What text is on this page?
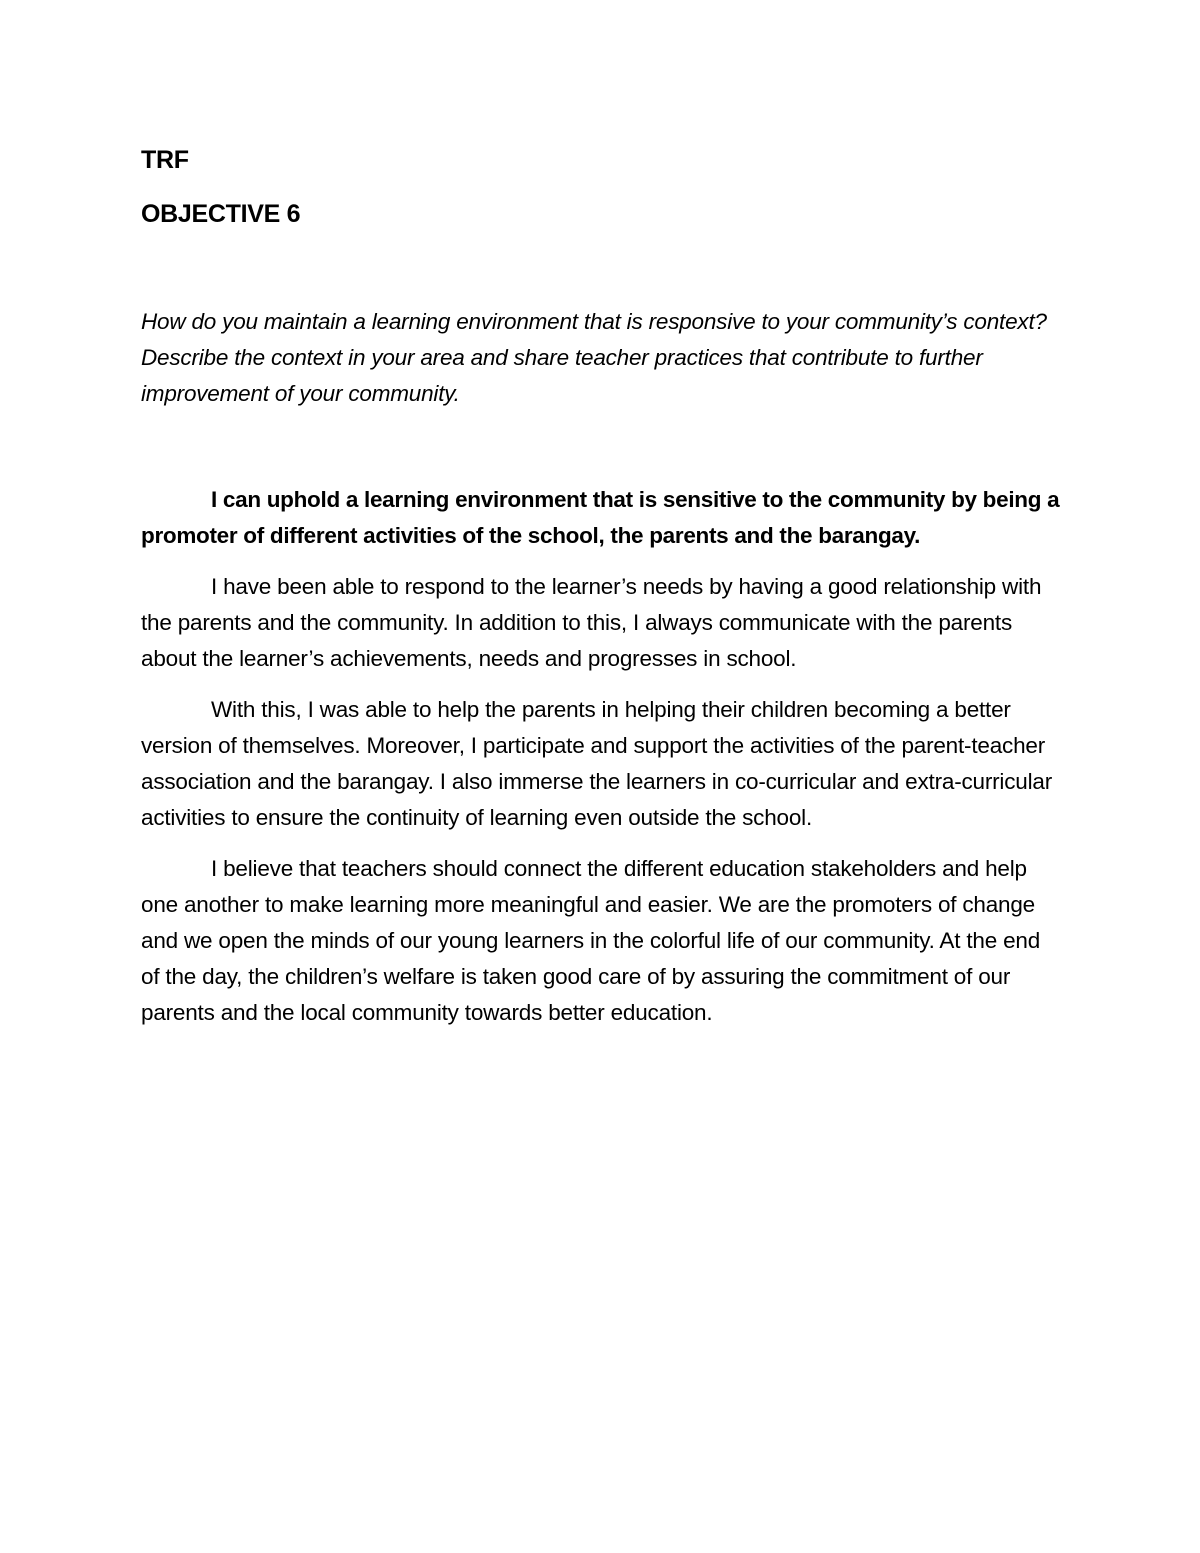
TRF

OBJECTIVE 6

How do you maintain a learning environment that is responsive to your community’s context? Describe the context in your area and share teacher practices that contribute to further improvement of your community.

I can uphold a learning environment that is sensitive to the community by being a promoter of different activities of the school, the parents and the barangay.

I have been able to respond to the learner’s needs by having a good relationship with the parents and the community. In addition to this, I always communicate with the parents about the learner’s achievements, needs and progresses in school.

With this, I was able to help the parents in helping their children becoming a better version of themselves. Moreover, I participate and support the activities of the parent-teacher association and the barangay. I also immerse the learners in co-curricular and extra-curricular activities to ensure the continuity of learning even outside the school.

I believe that teachers should connect the different education stakeholders and help one another to make learning more meaningful and easier. We are the promoters of change and we open the minds of our young learners in the colorful life of our community. At the end of the day, the children’s welfare is taken good care of by assuring the commitment of our parents and the local community towards better education.
